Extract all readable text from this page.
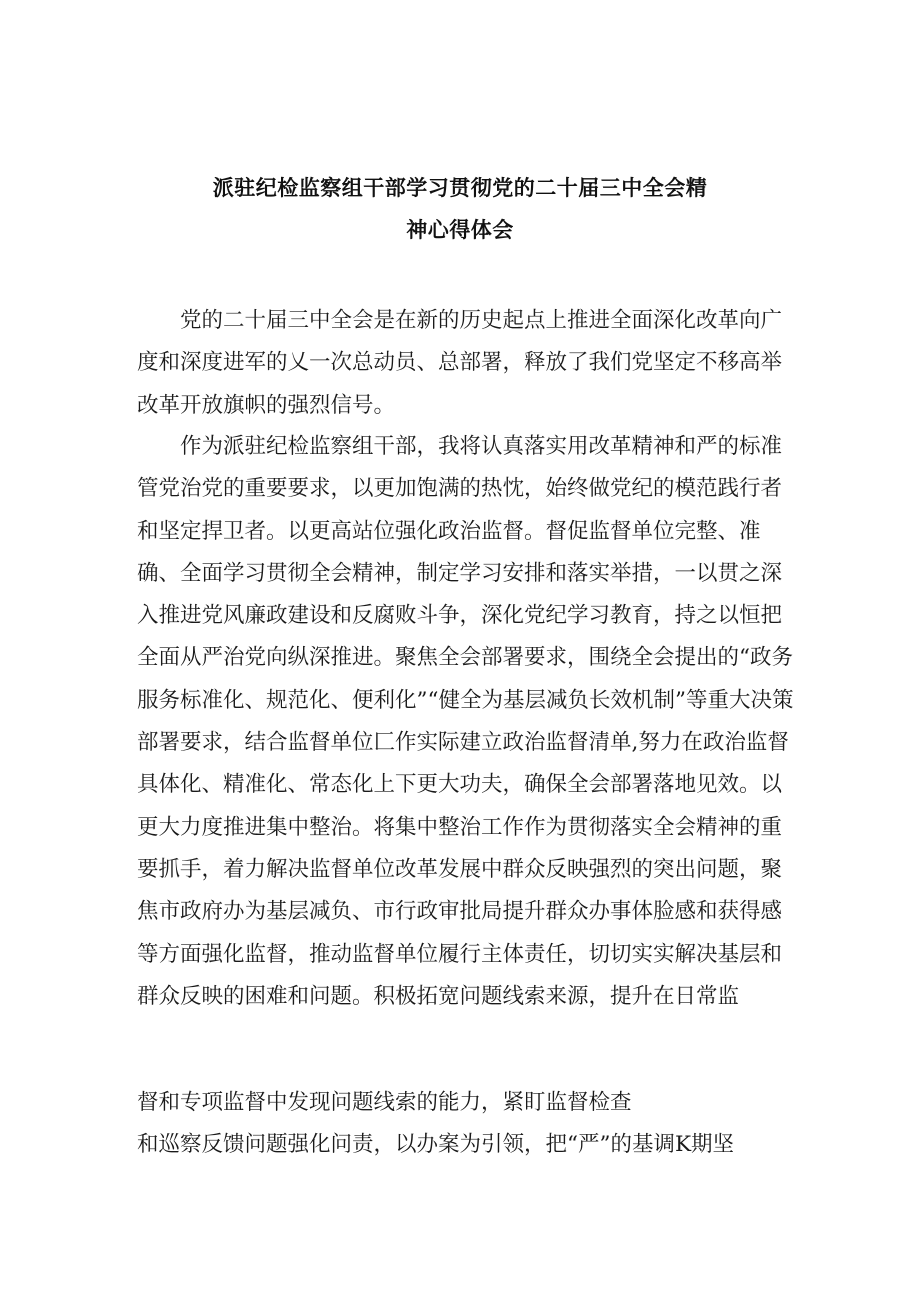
派驻纪检监察组干部学习贯彻党的二十届三中全会精
神心得体会

党的二十届三中全会是在新的历史起点上推进全面深化改革向广度和深度进军的乂一次总动员、总部署，释放了我们党坚定不移高举改革开放旗帜的强烈信号。

作为派驻纪检监察组干部，我将认真落实用改革精神和严的标准管党治党的重要要求，以更加饱满的热忱，始终做党纪的模范践行者和坚定捍卫者。以更高站位强化政治监督。督促监督单位完整、准确、全面学习贯彻全会精神，制定学习安排和落实举措，一以贯之深入推进党风廉政建设和反腐败斗争，深化党纪学习教育，持之以恒把全面从严治党向纵深推进。聚焦全会部署要求，围绕全会提出的“政务服务标准化、规范化、便利化”“健全为基层减负长效机制”等重大决策部署要求，结合监督单位匚作实际建立政治监督清单,努力在政治监督具体化、精准化、常态化上下更大功夫，确保全会部署落地见效。以更大力度推进集中整治。将集中整治工作作为贯彻落实全会精神的重要抓手，着力解决监督单位改革发展中群众反映强烈的突出问题，聚焦市政府办为基层减负、市行政审批局提升群众办事体脸感和获得感等方面强化监督，推动监督单位履行主体责任，切切实实解决基层和群众反映的困难和问题。积极拓宽问题线索来源，提升在日常监

督和专项监督中发现问题线索的能力，紧盯监督检查
和巡察反馈问题强化问责，以办案为引领，把“严”的基调K期坚
